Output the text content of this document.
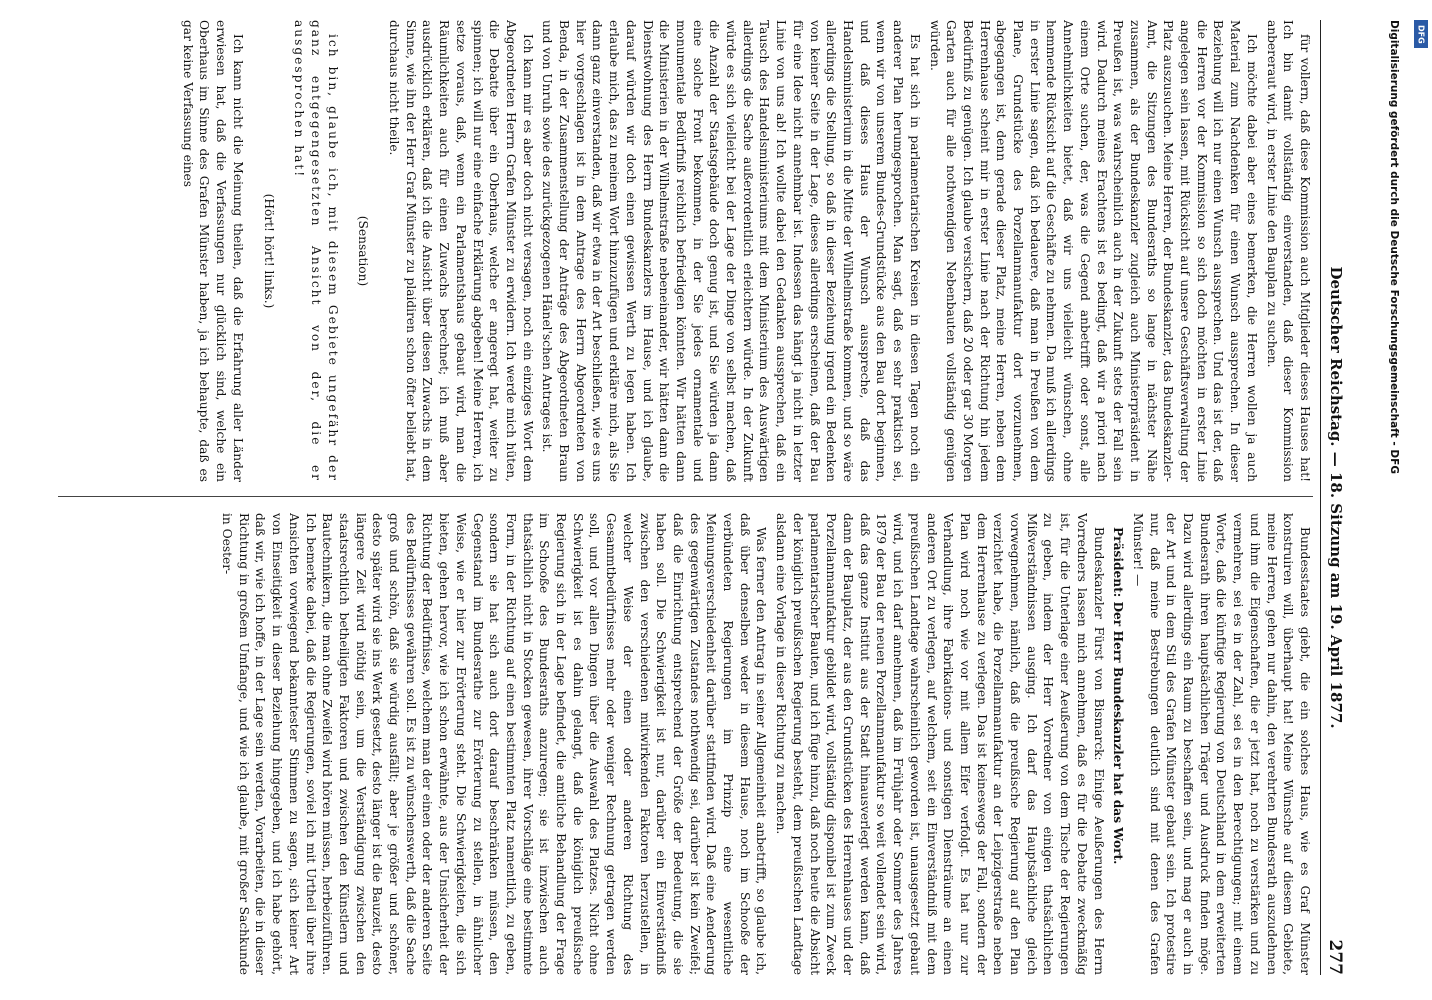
Deutscher Reichstag. — 18. Sitzung am 19. April 1877.
277

für vollern, daß diese Kommission auch Mitglieder dieses Hauses hat! Ich bin damit vollständig einverstanden, daß dieser Kommission anbereraut wird, in erster Linie den Bauplan zu suchen.

Ich möchte dabei aber eines bemerken, die Herren wollen ja auch Material zum Nachdenken für einen Wunsch aussprechen. In dieser Beziehung will ich nur einen Wunsch aussprechen. Und das ist der, daß die Herren vor der Kommission so sich doch möchten in erster Linie angelegen sein lassen, mit Rücksicht auf unsere Geschäftsverwaltung der Platz auszusuchen. Meine Herren, der Bundeskanzler, das Bundeskanzler-Amt, die Sitzungen des Bundesraths so lange in nächster Nähe zusammen, als der Bundeskanzler zugleich auch Ministerpräsident in Preußen ist, was wahrscheinlich auch in der Zukunft stets der Fall sein wird. Dadurch meines Erachtens ist es bedingt, daß wir a priori nach einem Orte suchen, der, was die Gegend anbetrifft oder sonst, alle Annehmlichkeiten bietet, daß wir uns vielleicht wünschen, ohne hemmende Rücksicht auf die Geschäfte zu nehmen. Da muß ich allerdings in erster Linie sagen, daß ich bedauere, daß man in Preußen von dem Plane, Grundstücke des Porzellanmanufaktur dort vorzunehmen, abgegangen ist, denn gerade dieser Platz, meine Herren, neben dem Herrenhause scheint mir in erster Linie nach der Richtung hin jedem Bedürfniß zu genügen. Ich glaube versichern, daß 20 oder gar 30 Morgen Garten auch für alle nothwendigen Nebenbauten vollständig genügen würden.

Es hat sich in parlamentarischen Kreisen in diesen Tagen noch ein anderer Plan herumgesprochen. Man sagt, daß es sehr praktisch sei, wenn wir von unserem Bundes-Grundstücke aus den Bau dort beginnen, und daß dieses Haus der Wunsch ausspreche, daß das Handelsministerium in die Mitte der Wilhelmstraße kommen, und so wäre allerdings die Stellung, so daß in dieser Beziehung irgend ein Bedenken von keiner Seite in der Lage, dieses allerdings erscheinen, daß der Bau für eine Idee nicht annehmbar ist. Indessen das hängt ja nicht in letzter Linie von uns ab! Ich wollte dabei den Gedanken aussprechen, daß ein Tausch des Handelsministeriums mit dem Ministerium des Auswärtigen allerdings die Sache außerordentlich erleichtern würde. In der Zukunft würde es sich vielleicht bei der Lage der Dinge von selbst machen, daß die Anzahl der Staatsgebäude doch genug ist, und Sie würden ja dann eine solche Front bekommen, in der Sie jedes ornamentale und monumentale Bedürfniß reichlich befriedigen könnten. Wir hätten dann die Ministerien in der Wilhelmstraße nebeneinander, wir hätten dann die Dienstwohnung des Herrn Bundeskanzlers im Hause, und ich glaube, darauf würden wir doch einen gewissen Werth zu legen haben. Ich erlaube mich, das zu meinem Wort hinzuzufügen und erkläre mich, als Sie dann ganz einverstanden, daß wir etwa in der Art beschließen, wie es uns hier vorgeschlagen ist in dem Antrage des Herrn Abgeordneten von Benda, in der Zusammenstellung der Anträge des Abgeordneten Braun und von Unruh sowie des zurückgezogenen Hänel'schen Antrages ist.

Ich kann mir es aber doch nicht versagen, noch ein einziges Wort dem Abgeordneten Herrn Grafen Münster zu erwidern. Ich werde mich hüten, die Debatte über ein Oberhaus, welche er angeregt hat, weiter zu spinnen; ich will nur eine einfache Erklärung abgeben! Meine Herren, ich setze voraus, daß, wenn ein Parlamentshaus gebaut wird, man die Räumlichkeiten auch für einen Zuwachs berechnet; ich muß aber ausdrücklich erklären, daß ich die Ansicht über diesen Zuwachs in dem Sinne, wie ihn der Herr Graf Münster zu plaidiren schon öfter beliebt hat, durchaus nicht theile.

(Sensation)

ich bin, glaube ich, mit diesem Gebiete ungefähr der ganz entgegengesetzten Ansicht von der, die er ausgesprochen hat!

(Hört! hört! links.)

Ich kann nicht die Meinung theilen, daß die Erfahrung aller Länder erwiesen hat, daß die Verfassungen nur glücklich sind, welche ein Oberhaus im Sinne des Grafen Münster haben, ja ich behaupte, daß es gar keine Verfassung eines

Bundesstaates giebt, die ein solches Haus, wie es Graf Münster konstruiren will, überhaupt hat! Meine Wünsche auf diesem Gebiete, meine Herren, gehen nur dahin, den verehrten Bundesrath auszudehnen und ihm die Eigenschaften, die er jetzt hat, noch zu verstärken und zu vermehren, sei es in der Zahl, sei es in den Berechtigungen; mit einem Worte, daß die künftige Regierung von Deutschland in dem erweiterten Bundesrath ihren hauptsächlichen Träger und Ausdruck finden möge. Dazu wird allerdings ein Raum zu beschaffen sein, und mag er auch in der Art und in dem Stil des Grafen Münster gebaut sein. Ich protestire nur, daß meine Bestrebungen deutlich sind mit denen des Grafen Münster! —

Präsident: Der Herr Bundeskanzler hat das Wort.

Bundeskanzler Fürst von Bismarck: Einige Aeußerungen des Herrn Vorredners lassen mich annehmen, daß es für die Debatte zweckmäßig ist, für die Unterlage einer Aeußerung von dem Tische der Regierungen zu geben, indem der Herr Vorredner von einigen thatsächlichen Mißverständnissen ausging. Ich darf das Hauptsächliche gleich vorwegnehmen, nämlich, daß die preußische Regierung auf den Plan verzichtet habe, die Porzellanmanufaktur an der Leipzigerstraße neben dem Herrenhause zu verlegen. Das ist keineswegs der Fall, sondern der Plan wird noch wie vor mit allem Eifer verfolgt. Es hat nur zur Verhandlung, ihre Fabrikations- und sonstigen Diensträume an einen anderen Ort zu verlegen, auf welchem, seit ein Einverständniß mit dem preußischen Landtage wahrscheinlich geworden ist, unausgesetzt gebaut wird, und ich darf annehmen, daß im Frühjahr oder Sommer des Jahres 1879 der Bau der neuen Porzellanmanufaktur so weit vollendet sein wird, daß das ganze Institut aus der Stadt hinausverlegt werden kann, daß dann der Bauplatz, der aus den Grundstücken des Herrenhauses und der Porzellanmanufaktur gebildet wird, vollständig disponibel ist zum Zweck parlamentarischer Bauten, und ich füge hinzu, daß noch heute die Absicht der königlich preußischen Regierung besteht, dem preußischen Landtage alsdann eine Vorlage in dieser Richtung zu machen.

Was ferner den Antrag in seiner Allgemeinheit anbetrifft, so glaube ich, daß über denselben weder in diesem Hause, noch im Schooße der verbündeten Regierungen im Prinzip eine wesentliche Meinungsverschiedenheit darüber stattfinden wird. Daß eine Aenderung des gegenwärtigen Zustandes nothwendig sei, darüber ist kein Zweifel; daß die Einrichtung entsprechend der Größe der Bedeutung, die sie haben soll. Die Schwierigkeit ist nur, darüber ein Einverständniß zwischen den verschiedenen mitwirkenden Faktoren herzustellen, in welcher Weise der einen oder anderen Richtung des Gesammtbedürfnisses mehr oder weniger Rechnung getragen werden soll, und vor allen Dingen über die Auswahl des Platzes. Nicht ohne Schwierigkeit ist es dahin gelangt, daß die königlich preußische Regierung sich in der Lage befindet, die amtliche Behandlung der Frage im Schooße des Bundesraths anzuregen; sie ist inzwischen auch thatsächlich nicht in Stocken gewesen, ihrer Vorschläge eine bestimmte Form, in der Richtung auf einen bestimmten Platz namentlich, zu geben, sondern sie hat sich auch dort darauf beschränken müssen, den Gegenstand im Bundesrathe zur Erörterung zu stellen, in ähnlicher Weise, wie er hier zur Erörterung steht. Die Schwierigkeiten, die sich bieten, gehen hervor, wie ich schon erwähnte, aus der Unsicherheit der Richtung der Bedürfnisse, welchem man der einen oder der anderen Seite des Bedürfnisses gewähren soll. Es ist zu wünschenswerth, daß die Sache groß und schön, daß sie würdig ausfällt; aber je größer und schöner, desto später wird sie ins Werk gesetzt, desto länger ist die Bauzeit, desto längere Zeit wird nöthig sein, um die Verständigung zwischen den staatsrechtlich betheiligten Faktoren und zwischen den Künstlern und Bautechnikern, die man ohne Zweifel wird hören müssen, herbeizuführen. Ich bemerke dabei, daß die Regierungen, soviel ich mit Urtheil über ihre Ansichten vorwiegend bekanntester Stimmen zu sagen, sich keiner Art von Einseitigkeit in dieser Beziehung hingegeben, und ich habe gehört, daß wir, wie ich hoffe, in der Lage sein werden, Vorarbeiten, die in dieser Richtung in großem Umfange, und wie ich glaube, mit großer Sachkunde in Oester-

Digitalisierung gefördert durch die Deutsche Forschungsgemeinschaft - DFG	DFG
